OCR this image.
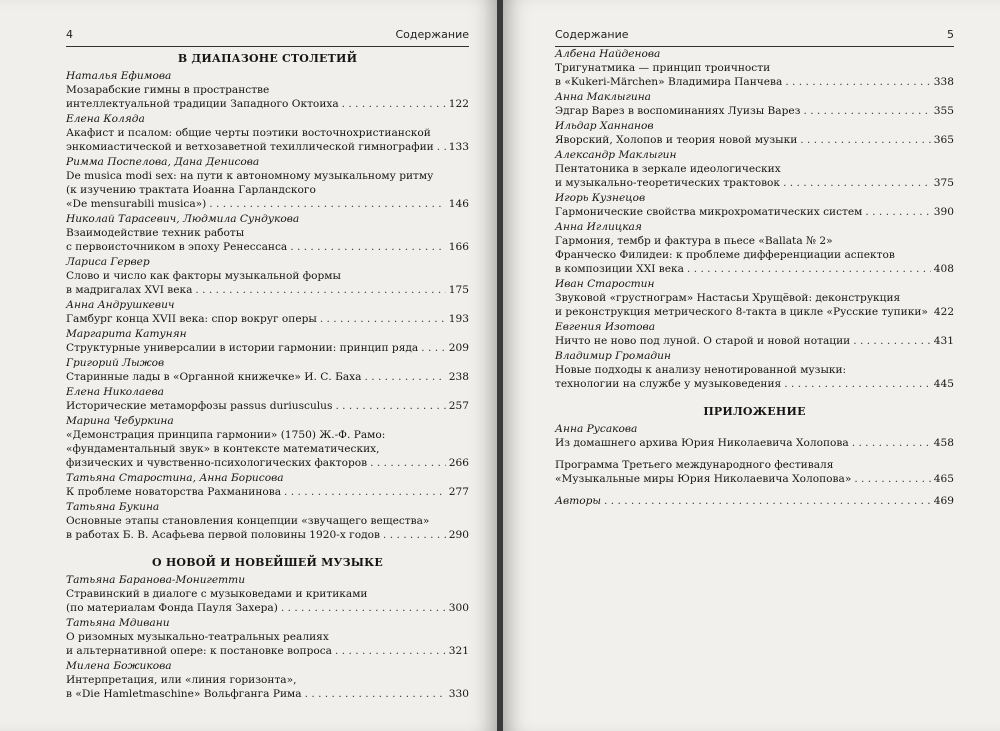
4	Содержание
В ДИАПАЗОНЕ СТОЛЕТИЙ
Наталья Ефимова
Мозарабские гимны в пространстве
интеллектуальной традиции Западного Октоиха . . .	122
Елена Коляда
Акафист и псалом: общие черты поэтики восточнохристианской
энкомиастической и ветхозаветной техиллической гимнографии . . . 133
Римма Поспелова, Дана Денисова
De musica modi sex: на пути к автономному музыкальному ритму
(к изучению трактата Иоанна Гарландского
«De mensurabili musica») . . .	146
Николай Тарасевич, Людмила Сундукова
Взаимодействие техник работы
с первоисточником в эпоху Ренессанса . . .	166
Лариса Гервер
Слово и число как факторы музыкальной формы
в мадригалах XVI века . . .	175
Анна Андрушкевич
Гамбург конца XVII века: спор вокруг оперы . . .	193
Маргарита Катунян
Структурные универсалии в истории гармонии: принцип ряда . . .	209
Григорий Лыжов
Старинные лады в «Органной книжечке» И. С. Баха . . .	238
Елена Николаева
Исторические метаморфозы passus duriusculus . . .	257
Марина Чебуркина
«Демонстрация принципа гармонии» (1750) Ж.-Ф. Рамо:
«фундаментальный звук» в контексте математических,
физических и чувственно-психологических факторов . . .	266
Татьяна Старостина, Анна Борисова
К проблеме новаторства Рахманинова . . .	277
Татьяна Букина
Основные этапы становления концепции «звучащего вещества»
в работах Б. В. Асафьева первой половины 1920-х годов . . .	290
О НОВОЙ И НОВЕЙШЕЙ МУЗЫКЕ
Татьяна Баранова-Монигетти
Стравинский в диалоге с музыковедами и критиками
(по материалам Фонда Пауля Захера) . . .	300
Татьяна Мдивани
О ризомных музыкально-театральных реалиях
и альтернативной опере: к постановке вопроса . . .	321
Милена Божикова
Интерпретация, или «линия горизонта»,
в «Die Hamletmaschine» Вольфганга Рима . . .	330
Содержание	5
Албена Найденова
Тригунатмика — принцип троичности
в «Kukeri-Märchen» Владимира Панчева . . .	338
Анна Маклыгина
Эдгар Варез в воспоминаниях Луизы Варез . . .	355
Ильдар Ханнанов
Яворский, Холопов и теория новой музыки . . .	365
Александр Маклыгин
Пентатоника в зеркале идеологических
и музыкально-теоретических трактовок . . .	375
Игорь Кузнецов
Гармонические свойства микрохроматических систем . . .	390
Анна Иглицкая
Гармония, тембр и фактура в пьесе «Ballata № 2»
Франческо Филидеи: к проблеме дифференциации аспектов
в композиции XXI века . . .	408
Иван Старостин
Звуковой «грустнограм» Настасьи Хрущёвой: деконструкция
и реконструкция метрического 8-такта в цикле «Русские тупики» 422
Евгения Изотова
Ничто не ново под луной. О старой и новой нотации . . .	431
Владимир Громадин
Новые подходы к анализу ненотированной музыки:
технологии на службе у музыковедения . . .	445
ПРИЛОЖЕНИЕ
Анна Русакова
Из домашнего архива Юрия Николаевича Холопова . . .	458
Программа Третьего международного фестиваля
«Музыкальные миры Юрия Николаевича Холопова» . . .	465
Авторы . . .	469
